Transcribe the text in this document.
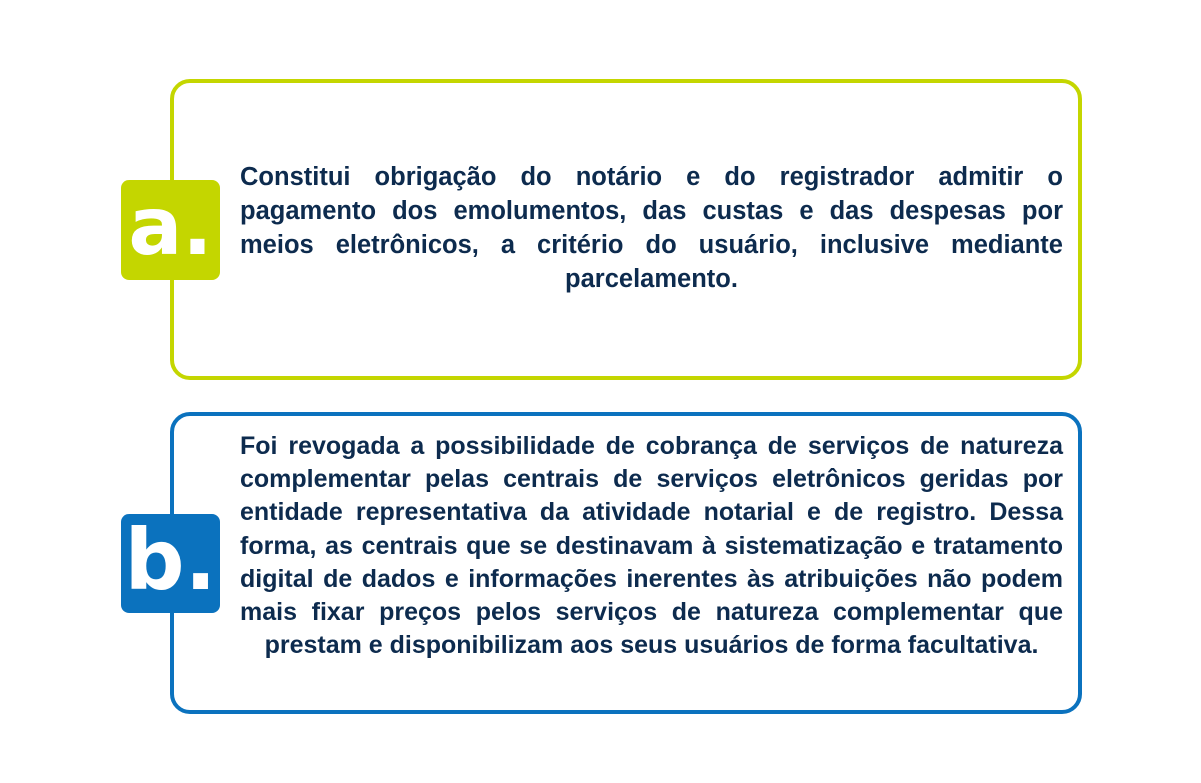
a.

Constitui obrigação do notário e do registrador admitir o pagamento dos emolumentos, das custas e das despesas por meios eletrônicos, a critério do usuário, inclusive mediante parcelamento.

b.

Foi revogada a possibilidade de cobrança de serviços de natureza complementar pelas centrais de serviços eletrônicos geridas por entidade representativa da atividade notarial e de registro. Dessa forma, as centrais que se destinavam à sistematização e tratamento digital de dados e informações inerentes às atribuições não podem mais fixar preços pelos serviços de natureza complementar que prestam e disponibilizam aos seus usuários de forma facultativa.
